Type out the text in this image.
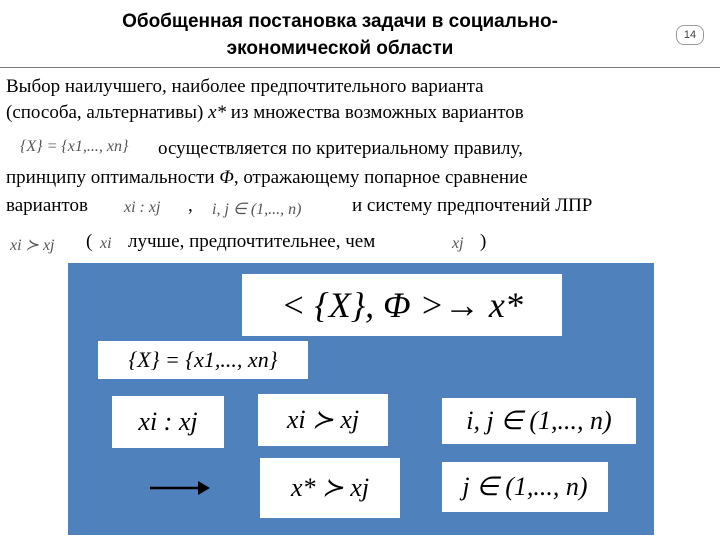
Обобщенная постановка задачи в социально-
экономической области
14
Выбор наилучшего, наиболее предпочтительного варианта
(способа, альтернативы) x* из множества возможных вариантов
{X} = {x1,..., xn} осуществляется по критериальному правилу,
принципу оптимальности Φ, отражающему попарное сравнение
вариантов xi : xj , i, j ∈ (1,..., n)	и систему предпочтений ЛПР
xi ≻ xj ( xi лучше, предпочтительнее, чем	xj )
< {X}, Φ >→ x*
{X} = {x1,..., xn}
xi : xj	xi ≻ xj	i, j ∈ (1,..., n)
x* ≻ xj	j ∈ (1,..., n)
